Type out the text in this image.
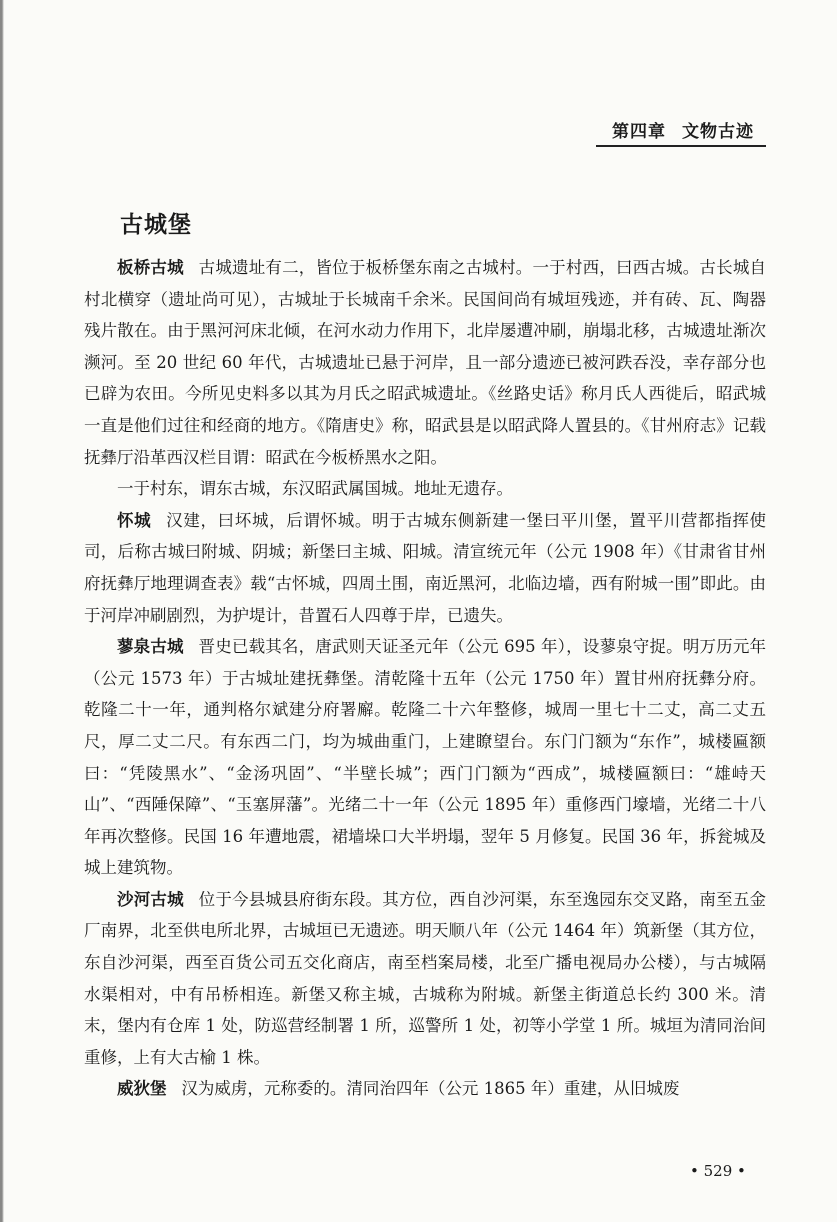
第四章 文物古迹
古城堡

板桥古城 古城遗址有二，皆位于板桥堡东南之古城村。一于村西，曰西古城。古长城自村北横穿（遗址尚可见），古城址于长城南千余米。民国间尚有城垣残迹，并有砖、瓦、陶器残片散在。由于黑河河床北倾，在河水动力作用下，北岸屡遭冲刷，崩塌北移，古城遗址渐次濒河。至 20 世纪 60 年代，古城遗址已悬于河岸，且一部分遗迹已被河跌吞没，幸存部分也已辟为农田。今所见史料多以其为月氏之昭武城遗址。《丝路史话》称月氏人西徙后，昭武城一直是他们过往和经商的地方。《隋唐史》称，昭武县是以昭武降人置县的。《甘州府志》记载抚彝厅沿革西汉栏目谓：昭武在今板桥黑水之阳。

一于村东，谓东古城，东汉昭武属国城。地址无遗存。

怀城 汉建，曰坏城，后谓怀城。明于古城东侧新建一堡曰平川堡，置平川营都指挥使司，后称古城曰附城、阴城；新堡曰主城、阳城。清宣统元年（公元 1908 年）《甘肃省甘州府抚彝厅地理调查表》载“古怀城，四周土围，南近黑河，北临边墙，西有附城一围”即此。由于河岸冲刷剧烈，为护堤计，昔置石人四尊于岸，已遗失。

蓼泉古城 晋史已载其名，唐武则天证圣元年（公元 695 年），设蓼泉守捉。明万历元年（公元 1573 年）于古城址建抚彝堡。清乾隆十五年（公元 1750 年）置甘州府抚彝分府。乾隆二十一年，通判格尔斌建分府署廨。乾隆二十六年整修，城周一里七十二丈，高二丈五尺，厚二丈二尺。有东西二门，均为城曲重门，上建瞭望台。东门门额为“东作”，城楼匾额曰：“凭陵黑水”、“金汤巩固”、“半壁长城”；西门门额为“西成”，城楼匾额曰：“雄峙天山”、“西陲保障”、“玉塞屏藩”。光绪二十一年（公元 1895 年）重修西门壕墙，光绪二十八年再次整修。民国 16 年遭地震，裙墙垛口大半坍塌，翌年 5 月修复。民国 36 年，拆瓮城及城上建筑物。

沙河古城 位于今县城县府街东段。其方位，西自沙河渠，东至逸园东交叉路，南至五金厂南界，北至供电所北界，古城垣已无遗迹。明天顺八年（公元 1464 年）筑新堡（其方位，东自沙河渠，西至百货公司五交化商店，南至档案局楼，北至广播电视局办公楼），与古城隔水渠相对，中有吊桥相连。新堡又称主城，古城称为附城。新堡主街道总长约 300 米。清末，堡内有仓库 1 处，防巡营经制署 1 所，巡警所 1 处，初等小学堂 1 所。城垣为清同治间重修，上有大古榆 1 株。

威狄堡 汉为威虏，元称委的。清同治四年（公元 1865 年）重建，从旧城废

• 529 •
